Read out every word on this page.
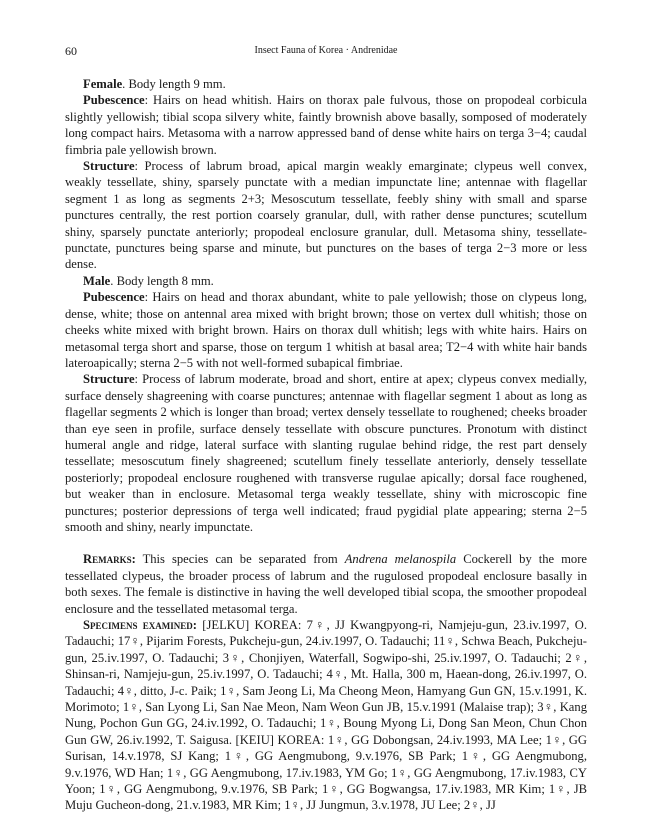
60	Insect Fauna of Korea · Andrenidae

Female. Body length 9 mm.

Pubescence: Hairs on head whitish. Hairs on thorax pale fulvous, those on propodeal corbicula slightly yellowish; tibial scopa silvery white, faintly brownish above basally, somposed of moderately long compact hairs. Metasoma with a narrow appressed band of dense white hairs on terga 3−4; caudal fimbria pale yellowish brown.

Structure: Process of labrum broad, apical margin weakly emarginate; clypeus well convex, weakly tessellate, shiny, sparsely punctate with a median impunctate line; antennae with flagellar segment 1 as long as segments 2+3; Mesoscutum tessellate, feebly shiny with small and sparse punctures centrally, the rest portion coarsely granular, dull, with rather dense punctures; scutellum shiny, sparsely punctate anteriorly; propodeal enclosure granular, dull. Metasoma shiny, tessellate-punctate, punctures being sparse and minute, but punctures on the bases of terga 2−3 more or less dense.

Male. Body length 8 mm.

Pubescence: Hairs on head and thorax abundant, white to pale yellowish; those on clypeus long, dense, white; those on antennal area mixed with bright brown; those on vertex dull whitish; those on cheeks white mixed with bright brown. Hairs on thorax dull whitish; legs with white hairs. Hairs on metasomal terga short and sparse, those on tergum 1 whitish at basal area; T2−4 with white hair bands lateroapically; sterna 2−5 with not well-formed subapical fimbriae.

Structure: Process of labrum moderate, broad and short, entire at apex; clypeus convex medially, surface densely shagreening with coarse punctures; antennae with flagellar segment 1 about as long as flagellar segments 2 which is longer than broad; vertex densely tessellate to roughened; cheeks broader than eye seen in profile, surface densely tessellate with obscure punctures. Pronotum with distinct humeral angle and ridge, lateral surface with slanting rugulae behind ridge, the rest part densely tessellate; mesoscutum finely shagreened; scutellum finely tessellate anteriorly, densely tessellate posteriorly; propodeal enclosure roughened with transverse rugulae apically; dorsal face roughened, but weaker than in enclosure. Metasomal terga weakly tessellate, shiny with microscopic fine punctures; posterior depressions of terga well indicated; fraud pygidial plate appearing; sterna 2−5 smooth and shiny, nearly impunctate.

Remarks: This species can be separated from Andrena melanospila Cockerell by the more tessellated clypeus, the broader process of labrum and the rugulosed propodeal enclosure basally in both sexes. The female is distinctive in having the well developed tibial scopa, the smoother propodeal enclosure and the tessellated metasomal terga.

Specimens examined: [JELKU] KOREA: 7♀, JJ Kwangpyong-ri, Namjeju-gun, 23.iv.1997, O. Tadauchi; 17♀, Pijarim Forests, Pukcheju-gun, 24.iv.1997, O. Tadauchi; 11♀, Schwa Beach, Pukcheju-gun, 25.iv.1997, O. Tadauchi; 3♀, Chonjiyen, Waterfall, Sogwipo-shi, 25.iv.1997, O. Tadauchi; 2♀, Shinsan-ri, Namjeju-gun, 25.iv.1997, O. Tadauchi; 4♀, Mt. Halla, 300 m, Haean-dong, 26.iv.1997, O. Tadauchi; 4♀, ditto, J-c. Paik; 1♀, Sam Jeong Li, Ma Cheong Meon, Hamyang Gun GN, 15.v.1991, K. Morimoto; 1♀, San Lyong Li, San Nae Meon, Nam Weon Gun JB, 15.v.1991 (Malaise trap); 3♀, Kang Nung, Pochon Gun GG, 24.iv.1992, O. Tadauchi; 1♀, Boung Myong Li, Dong San Meon, Chun Chon Gun GW, 26.iv.1992, T. Saigusa. [KEIU] KOREA: 1♀, GG Dobongsan, 24.iv.1993, MA Lee; 1♀, GG Surisan, 14.v.1978, SJ Kang; 1♀, GG Aengmubong, 9.v.1976, SB Park; 1♀, GG Aengmubong, 9.v.1976, WD Han; 1♀, GG Aengmubong, 17.iv.1983, YM Go; 1♀, GG Aengmubong, 17.iv.1983, CY Yoon; 1♀, GG Aengmubong, 9.v.1976, SB Park; 1♀, GG Bogwangsa, 17.iv.1983, MR Kim; 1♀, JB Muju Gucheon-dong, 21.v.1983, MR Kim; 1♀, JJ Jungmun, 3.v.1978, JU Lee; 2♀, JJ
